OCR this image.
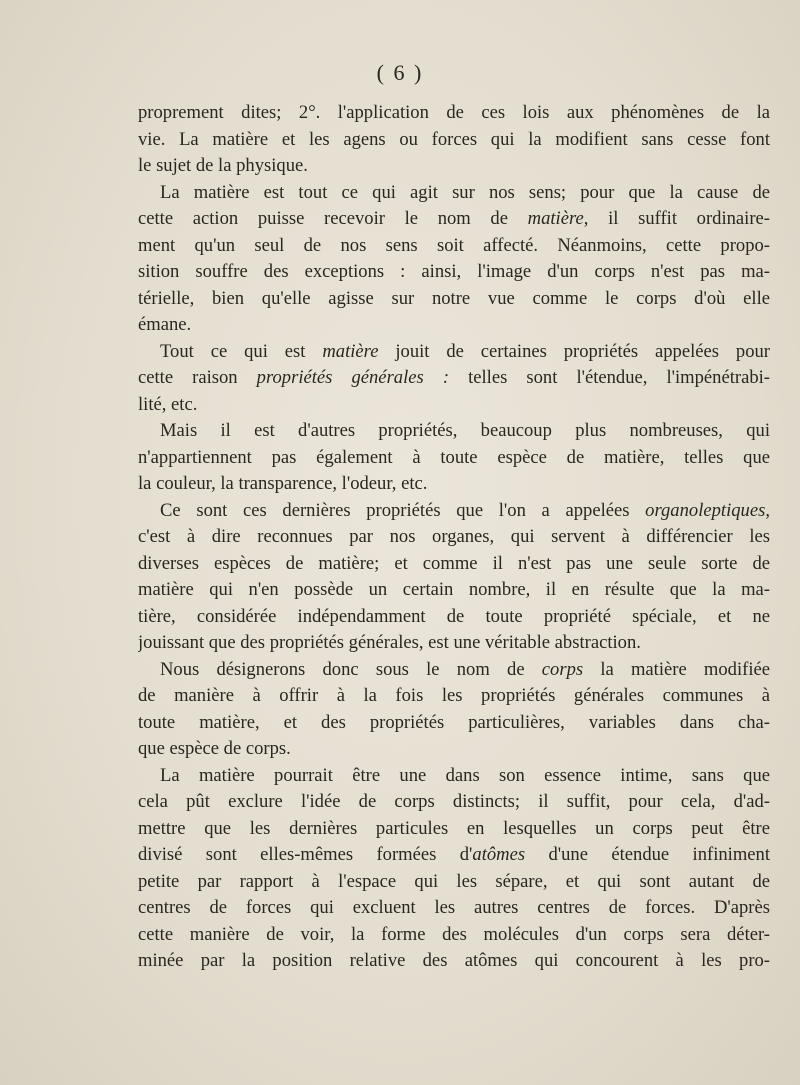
( 6 )
proprement dites; 2°. l'application de ces lois aux phénomènes de la
vie. La matière et les agens ou forces qui la modifient sans cesse font
le sujet de la physique.
La matière est tout ce qui agit sur nos sens; pour que la cause de
cette action puisse recevoir le nom de matière, il suffit ordinaire-
ment qu'un seul de nos sens soit affecté. Néanmoins, cette propo-
sition souffre des exceptions : ainsi, l'image d'un corps n'est pas ma-
térielle, bien qu'elle agisse sur notre vue comme le corps d'où elle
émane.
Tout ce qui est matière jouit de certaines propriétés appelées pour
cette raison propriétés générales : telles sont l'étendue, l'impénétrabi-
lité, etc.
Mais il est d'autres propriétés, beaucoup plus nombreuses, qui
n'appartiennent pas également à toute espèce de matière, telles que
la couleur, la transparence, l'odeur, etc.
Ce sont ces dernières propriétés que l'on a appelées organoleptiques,
c'est à dire reconnues par nos organes, qui servent à différencier les
diverses espèces de matière; et comme il n'est pas une seule sorte de
matière qui n'en possède un certain nombre, il en résulte que la ma-
tière, considérée indépendamment de toute propriété spéciale, et ne
jouissant que des propriétés générales, est une véritable abstraction.
Nous désignerons donc sous le nom de corps la matière modifiée
de manière à offrir à la fois les propriétés générales communes à
toute matière, et des propriétés particulières, variables dans cha-
que espèce de corps.
La matière pourrait être une dans son essence intime, sans que
cela pût exclure l'idée de corps distincts; il suffit, pour cela, d'ad-
mettre que les dernières particules en lesquelles un corps peut être
divisé sont elles-mêmes formées d'atômes d'une étendue infiniment
petite par rapport à l'espace qui les sépare, et qui sont autant de
centres de forces qui excluent les autres centres de forces. D'après
cette manière de voir, la forme des molécules d'un corps sera déter-
minée par la position relative des atômes qui concourent à les pro-
